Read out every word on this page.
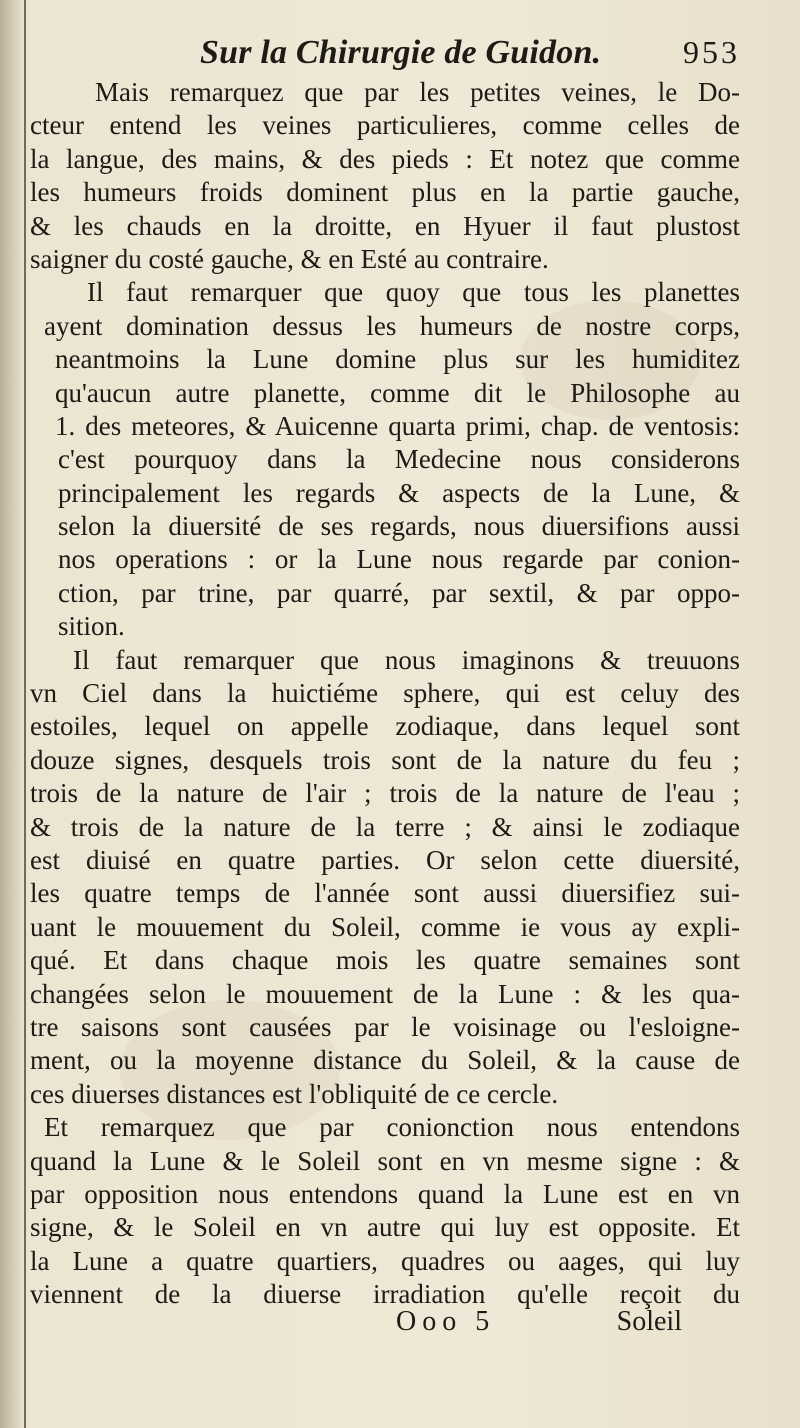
Sur la Chirurgie de Guidon.	953
Mais remarquez que par les petites veines, le Do-
cteur entend les veines particulieres, comme celles de
la langue, des mains, & des pieds : Et notez que comme
les humeurs froids dominent plus en la partie gauche,
& les chauds en la droitte, en Hyuer il faut plustost
saigner du costé gauche, & en Esté au contraire.
Il faut remarquer que quoy que tous les planettes
ayent domination dessus les humeurs de nostre corps,
neantmoins la Lune domine plus sur les humiditez
qu'aucun autre planette, comme dit le Philosophe au
1. des meteores, & Auicenne quarta primi, chap. de ventosis:
c'est pourquoy dans la Medecine nous considerons
principalement les regards & aspects de la Lune, &
selon la diuersité de ses regards, nous diuersifions aussi
nos operations : or la Lune nous regarde par conion-
ction, par trine, par quarré, par sextil, & par oppo-
sition.
Il faut remarquer que nous imaginons & treuuons
vn Ciel dans la huictiéme sphere, qui est celuy des
estoiles, lequel on appelle zodiaque, dans lequel sont
douze signes, desquels trois sont de la nature du feu ;
trois de la nature de l'air ; trois de la nature de l'eau ;
& trois de la nature de la terre ; & ainsi le zodiaque
est diuisé en quatre parties. Or selon cette diuersité,
les quatre temps de l'année sont aussi diuersifiez sui-
uant le mouuement du Soleil, comme ie vous ay expli-
qué. Et dans chaque mois les quatre semaines sont
changées selon le mouuement de la Lune : & les qua-
tre saisons sont causées par le voisinage ou l'esloigne-
ment, ou la moyenne distance du Soleil, & la cause de
ces diuerses distances est l'obliquité de ce cercle.
Et remarquez que par conionction nous entendons
quand la Lune & le Soleil sont en vn mesme signe : &
par opposition nous entendons quand la Lune est en vn
signe, & le Soleil en vn autre qui luy est opposite. Et
la Lune a quatre quartiers, quadres ou aages, qui luy
viennent de la diuerse irradiation qu'elle reçoit du
Ooo 5	Soleil
